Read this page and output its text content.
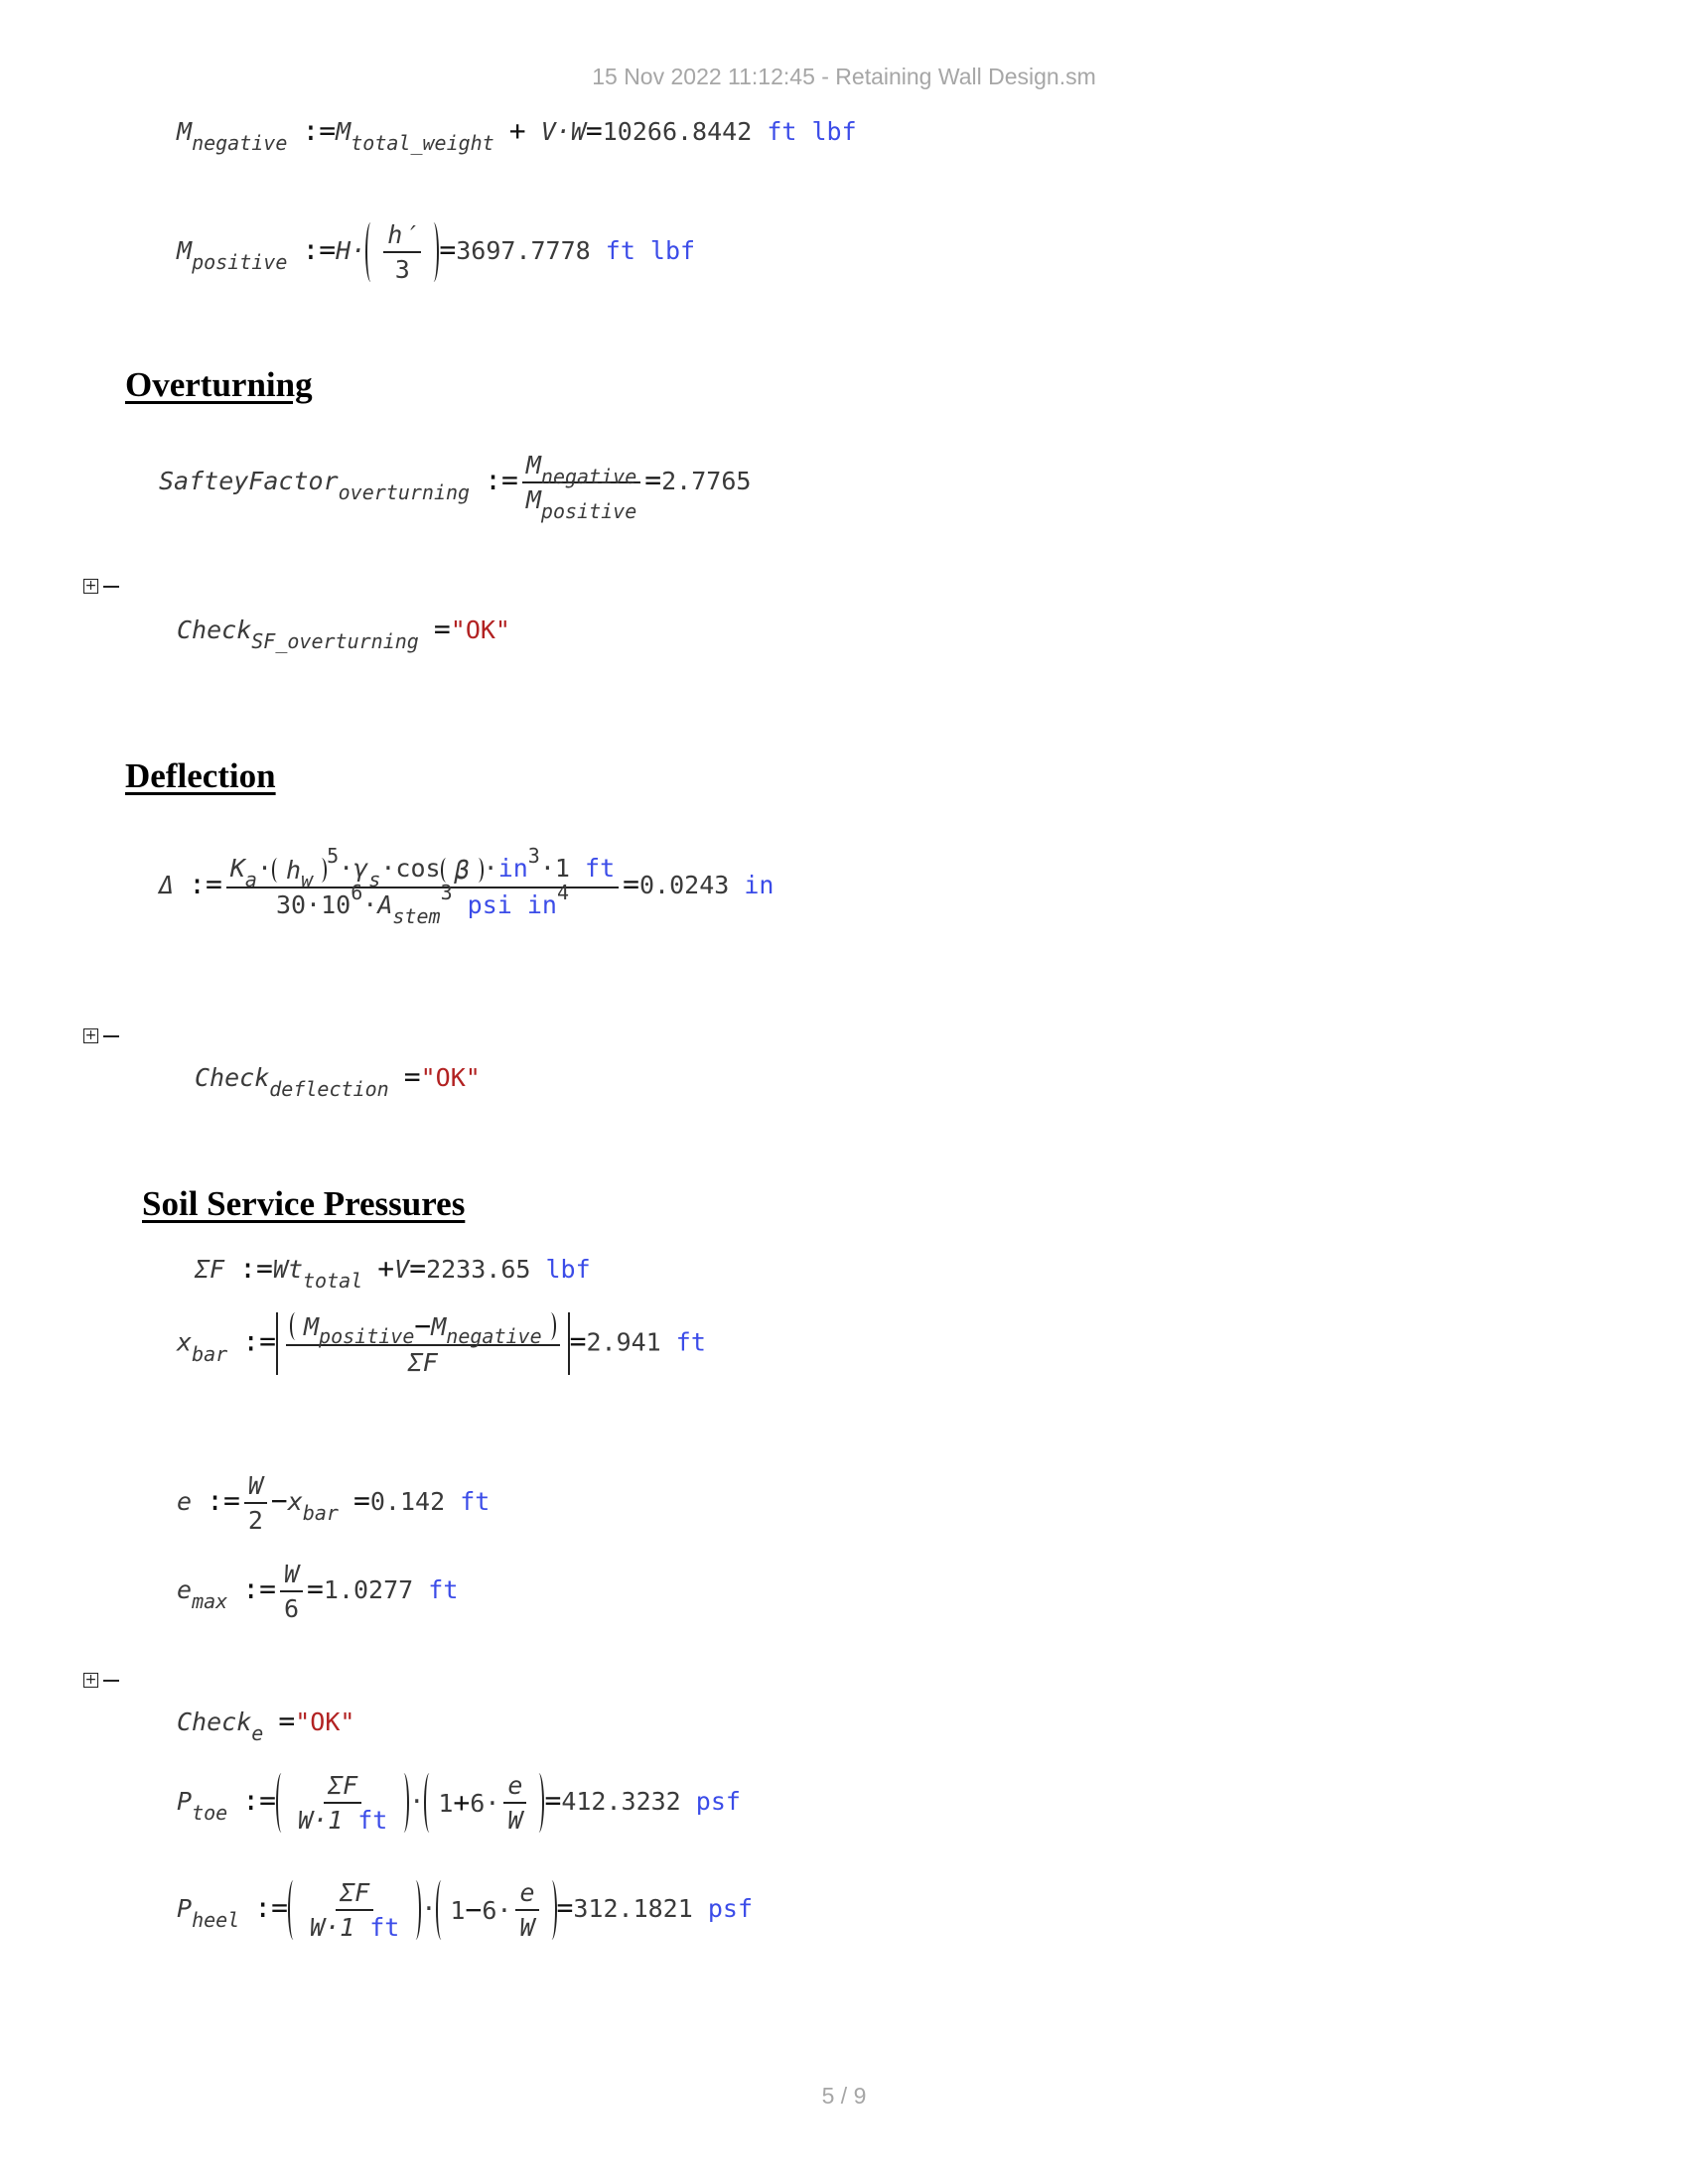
15 Nov 2022 11:12:45 - Retaining Wall Design.sm
$M_{negative}$ $:=M_{total\_weight} + V\cdot W=10266.8442$ ft lbf
$M_{positive}$ :=H· $\frac{h'}{3} =3697.7778$ ft lbf
Overturning
SafteyFactor$_{overturning}$ := $\frac{M_{negative}}{M_{positive}} =2.7765$
+
Check$_{SF\_overturning}$ ="OK"
Deflection
Δ := $K_a\cdot h$ w
$^5\cdot\gamma_s\cdot\cos$ $\beta \cdot in^3\cdot 1$ ft
$30\cdot 10^6\cdot A_{stem}^3$ psi $in^4 =0.0243$ in
+
Check$_{deflection}$ ="OK"
Soil Service Pressures
ΣF $:=Wt_{total} +V=2233.65$ lbf
$x_{bar}$ := $\frac{\text{M positive − M negative}}{\Sigma F} =2.941$ ft
e := $\frac{W}{2} -x_{bar} =0.142$ ft
$e_{max}$ := $\frac{W}{6} =1.0277$ ft
+
Check$_e$ ="OK"
$P_{toe}$ := $\frac{\Sigma F}{W\cdot 1 ft} \cdot 1 + 6\cdot \frac{e}{W} =412.3232$ psf
$P_{heel}$ := $\frac{\Sigma F}{W\cdot 1 ft} \cdot 1 - 6\cdot \frac{e}{W} =312.1821$ psf
5 / 9
